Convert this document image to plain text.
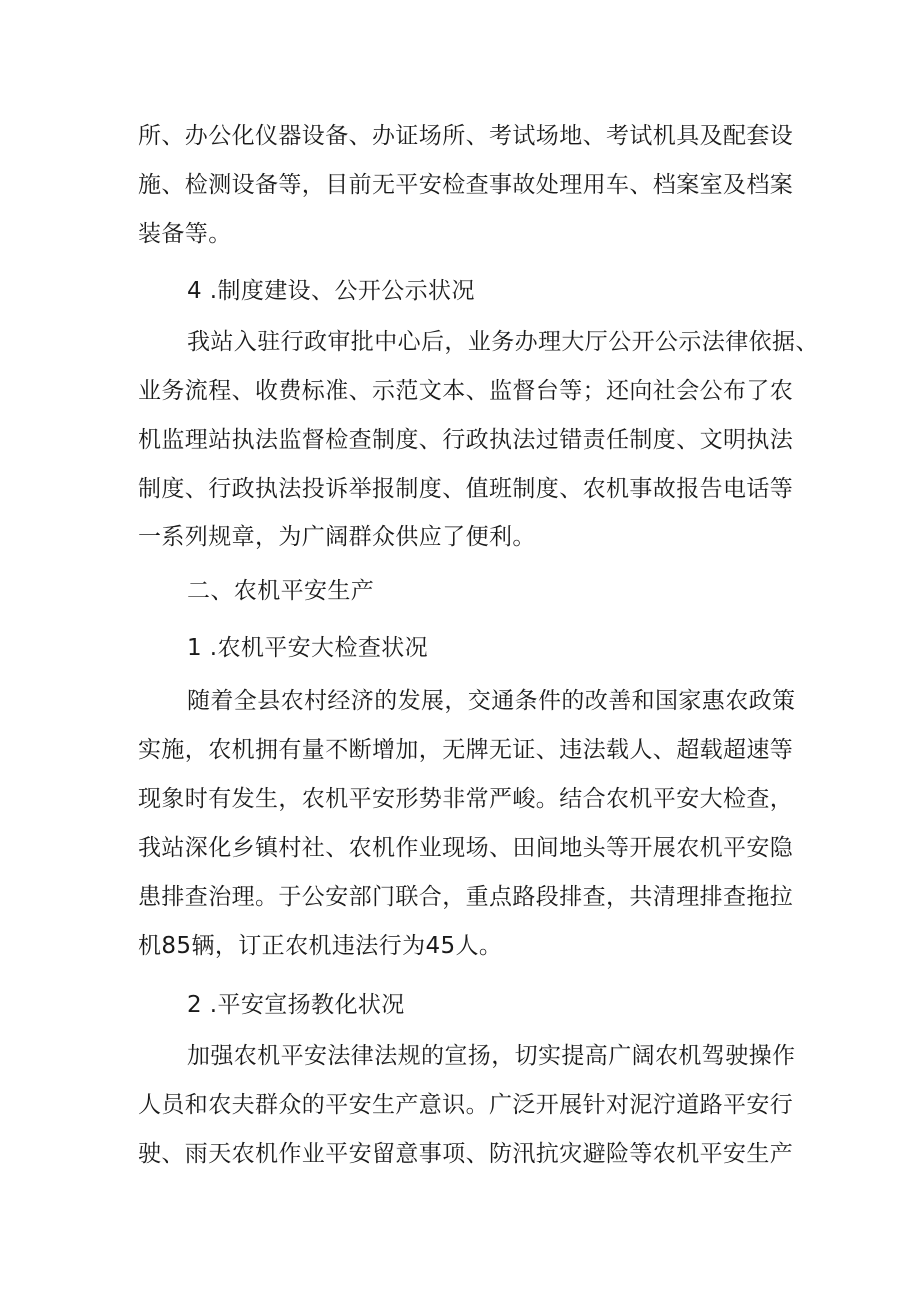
所、办公化仪器设备、办证场所、考试场地、考试机具及配套设

施、检测设备等，目前无平安检查事故处理用车、档案室及档案

装备等。

4 .制度建设、公开公示状况

我站入驻行政审批中心后，业务办理大厅公开公示法律依据、

业务流程、收费标准、示范文本、监督台等；还向社会公布了农

机监理站执法监督检查制度、行政执法过错责任制度、文明执法

制度、行政执法投诉举报制度、值班制度、农机事故报告电话等

一系列规章，为广阔群众供应了便利。

二、农机平安生产

1 .农机平安大检查状况

随着全县农村经济的发展，交通条件的改善和国家惠农政策

实施，农机拥有量不断增加，无牌无证、违法载人、超载超速等

现象时有发生，农机平安形势非常严峻。结合农机平安大检查，

我站深化乡镇村社、农机作业现场、田间地头等开展农机平安隐

患排查治理。于公安部门联合，重点路段排查，共清理排查拖拉

机85辆，订正农机违法行为45人。

2 .平安宣扬教化状况

加强农机平安法律法规的宣扬，切实提高广阔农机驾驶操作

人员和农夫群众的平安生产意识。广泛开展针对泥泞道路平安行

驶、雨天农机作业平安留意事项、防汛抗灾避险等农机平安生产
